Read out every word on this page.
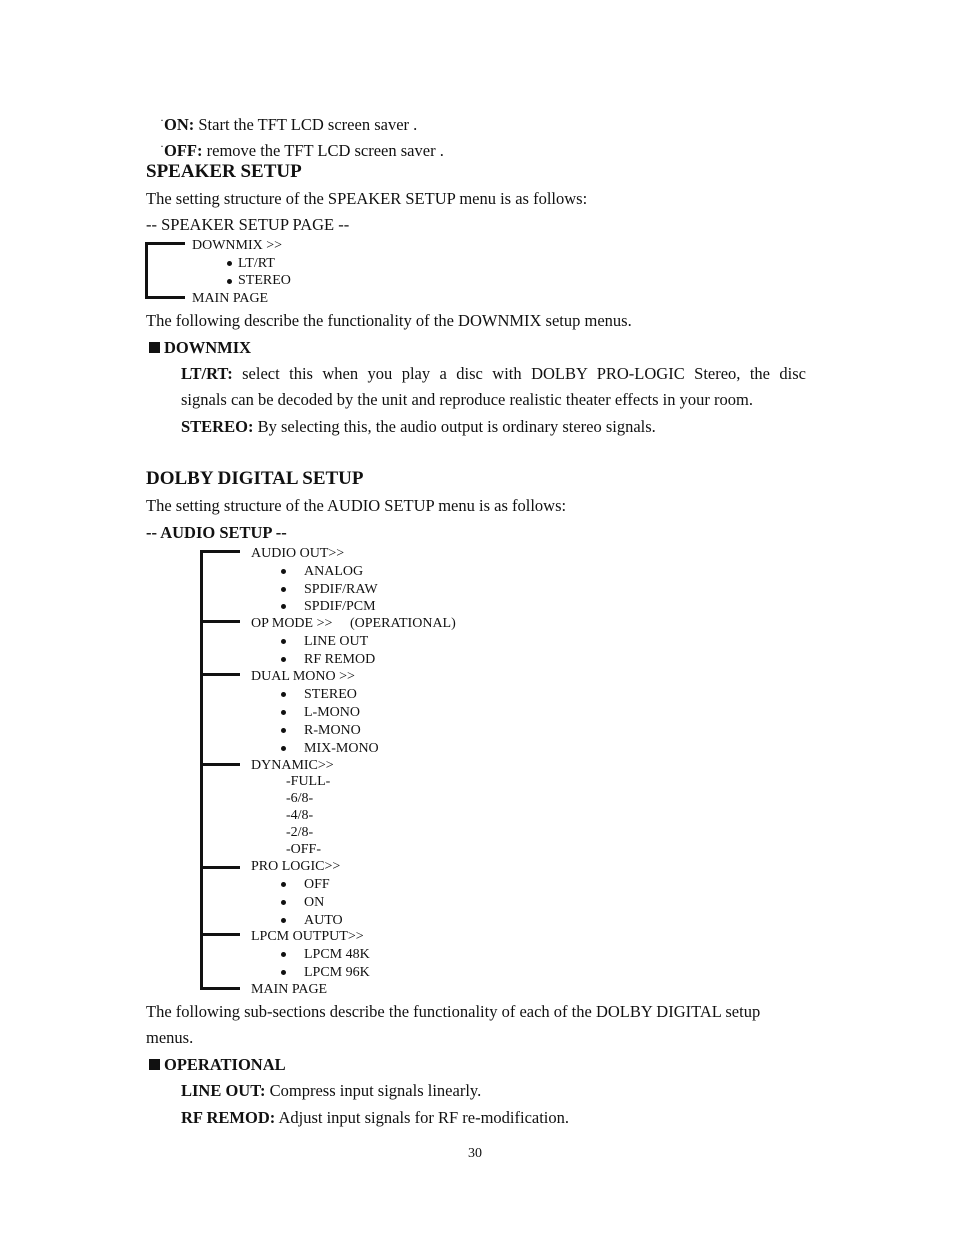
·ON: Start the TFT LCD screen saver .
·OFF: remove the TFT LCD screen saver .
SPEAKER SETUP
The setting structure of the SPEAKER SETUP menu is as follows:
-- SPEAKER SETUP PAGE --
DOWNMIX >>
LT/RT
STEREO
MAIN PAGE
The following describe the functionality of the DOWNMIX setup menus.
DOWNMIX
LT/RT: select this when you play a disc with DOLBY PRO-LOGIC Stereo, the disc
signals can be decoded by the unit and reproduce realistic theater effects in your room.
STEREO: By selecting this, the audio output is ordinary stereo signals.
DOLBY DIGITAL SETUP
The setting structure of the AUDIO SETUP menu is as follows:
-- AUDIO SETUP --
AUDIO OUT>>
ANALOG
SPDIF/RAW
SPDIF/PCM
OP MODE >> (OPERATIONAL)
LINE OUT
RF REMOD
DUAL MONO >>
STEREO
L-MONO
R-MONO
MIX-MONO
DYNAMIC>>
-FULL-
-6/8-
-4/8-
-2/8-
-OFF-
PRO LOGIC>>
OFF
ON
AUTO
LPCM OUTPUT>>
LPCM 48K
LPCM 96K
MAIN PAGE
The following sub-sections describe the functionality of each of the DOLBY DIGITAL setup
menus.
OPERATIONAL
LINE OUT: Compress input signals linearly.
RF REMOD: Adjust input signals for RF re-modification.
30
